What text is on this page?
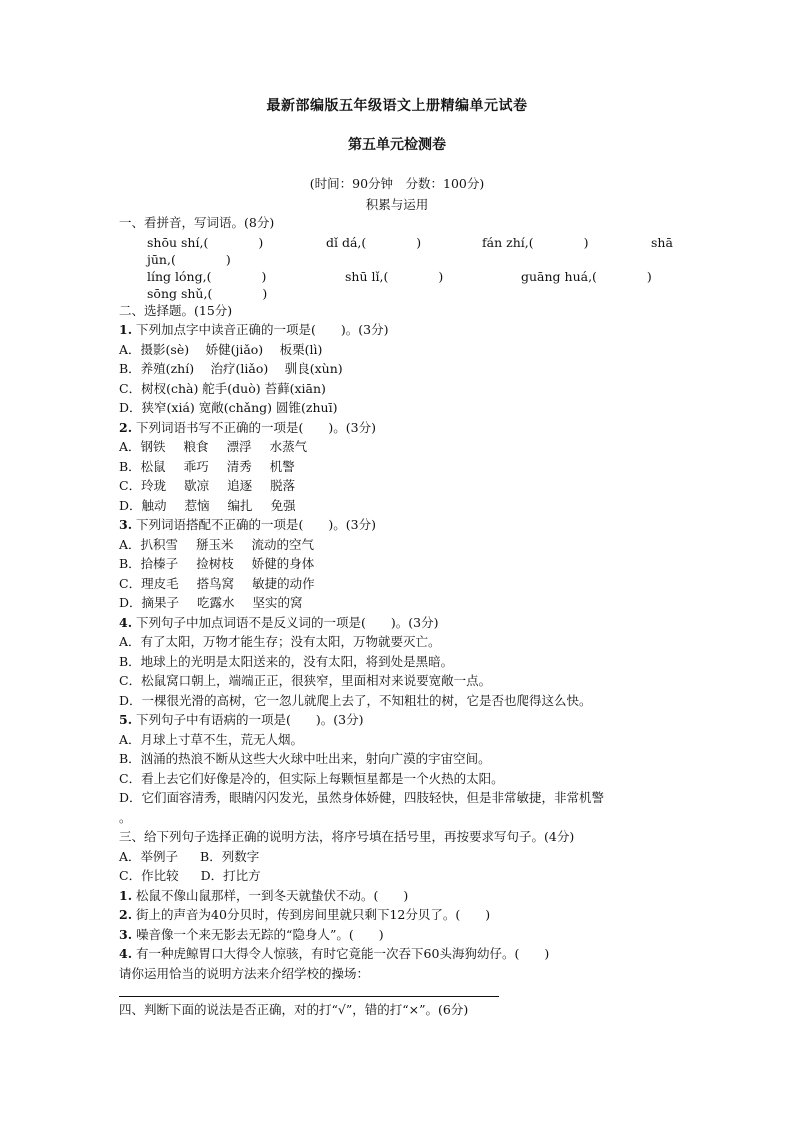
最新部编版五年级语文上册精编单元试卷
第五单元检测卷
(时间：90分钟　分数：100分)
积累与运用
一、看拼音，写词语。(8分)
shōu shí,(　　　　)	dǐ dá,(　　　　)	fán zhí,(　　　　)	shā
jūn,(　　　　)
líng lóng,(　　　　)	shū lǐ,(　　　　)	guāng huá,(　　　　)
sōng shǔ,(　　　　)
二、选择题。(15分)
1. 下列加点字中读音正确的一项是(　　)。(3分)
A．摄影(sè)　 娇健(jiǎo)　 板栗(lì)
B．养殖(zhí)　 治疗(liǎo)　 驯良(xùn)
C．树杈(chà) 舵手(duò) 苔藓(xiān)
D．狭窄(xiá) 宽敞(chǎng) 圆锥(zhuī)
2. 下列词语书写不正确的一项是(　　)。(3分)
A．钢铁 粮食 漂浮 水蒸气
B．松鼠 乖巧 清秀 机警
C．玲珑 歇凉 追逐 脱落
D．触动 惹恼 编扎 免强
3. 下列词语搭配不正确的一项是(　　)。(3分)
A．扒积雪 掰玉米 流动的空气
B．拾榛子 捡树枝 娇健的身体
C．理皮毛 搭鸟窝 敏捷的动作
D．摘果子 吃露水 坚实的窝
4. 下列句子中加点词语不是反义词的一项是(　　)。(3分)
A．有了太阳，万物才能生存；没有太阳，万物就要灭亡。
B．地球上的光明是太阳送来的，没有太阳，将到处是黑暗。
C．松鼠窝口朝上，端端正正，很狭窄，里面相对来说要宽敞一点。
D．一棵很光滑的高树，它一忽儿就爬上去了，不知粗壮的树，它是否也爬得这么快。
5. 下列句子中有语病的一项是(　　)。(3分)
A．月球上寸草不生，荒无人烟。
B．汹涌的热浪不断从这些大火球中吐出来，射向广漠的宇宙空间。
C．看上去它们好像是冷的，但实际上每颗恒星都是一个火热的太阳。
D．它们面容清秀，眼睛闪闪发光，虽然身体娇健，四肢轻快，但是非常敏捷，非常机警
。
三、给下列句子选择正确的说明方法，将序号填在括号里，再按要求写句子。(4分)
A．举例子 B．列数字
C．作比较 D．打比方
1. 松鼠不像山鼠那样，一到冬天就蛰伏不动。(　　)
2. 街上的声音为40分贝时，传到房间里就只剩下12分贝了。(　　)
3. 噪音像一个来无影去无踪的“隐身人”。(　　)
4. 有一种虎鲸胃口大得令人惊骇，有时它竟能一次吞下60头海狗幼仔。(　　)
请你运用恰当的说明方法来介绍学校的操场：
四、判断下面的说法是否正确，对的打“√”，错的打“×”。(6分)
